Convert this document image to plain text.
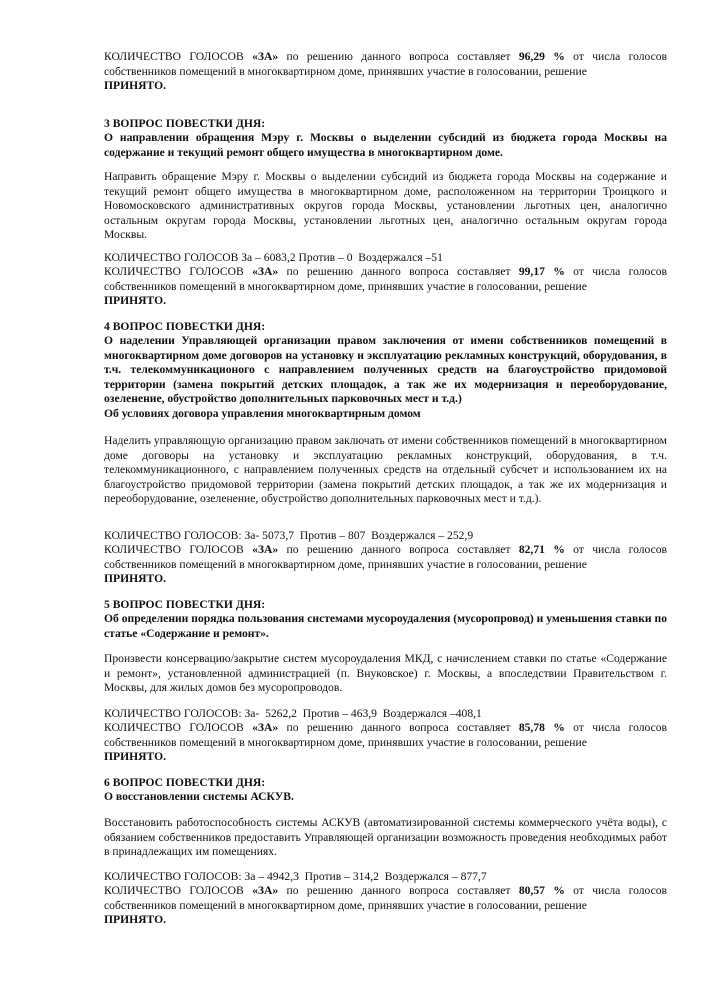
КОЛИЧЕСТВО ГОЛОСОВ «ЗА» по решению данного вопроса составляет 96,29 % от числа голосов собственников помещений в многоквартирном доме, принявших участие в голосовании, решение

ПРИНЯТО.

3 ВОПРОС ПОВЕСТКИ ДНЯ:

О направлении обращения Мэру г. Москвы о выделении субсидий из бюджета города Москвы на содержание и текущий ремонт общего имущества в многоквартирном доме.

Направить обращение Мэру г. Москвы о выделении субсидий из бюджета города Москвы на содержание и текущий ремонт общего имущества в многоквартирном доме, расположенном на территории Троицкого и Новомосковского административных округов города Москвы, установлении льготных цен, аналогично остальным округам города Москвы, установлении льготных цен, аналогично остальным округам города Москвы.

КОЛИЧЕСТВО ГОЛОСОВ За – 6083,2 Против – 0  Воздержался –51

КОЛИЧЕСТВО ГОЛОСОВ «ЗА» по решению данного вопроса составляет 99,17 % от числа голосов собственников помещений в многоквартирном доме, принявших участие в голосовании, решение

ПРИНЯТО.

4 ВОПРОС ПОВЕСТКИ ДНЯ:

О наделении Управляющей организации правом заключения от имени собственников помещений в многоквартирном доме договоров на установку и эксплуатацию рекламных конструкций, оборудования, в т.ч. телекоммуникационого с направлением полученных средств на благоустройство придомовой территории (замена покрытий детских площадок, а так же их модернизация и переоборудование, озеленение, обустройство дополнительных парковочных мест и т.д.)

Об условиях договора управления многоквартирным домом

Наделить управляющую организацию правом заключать от имени собственников помещений в многоквартирном доме договоры на установку и эксплуатацию рекламных конструкций, оборудования, в т.ч. телекоммуникационного, с направлением полученных средств на отдельный субсчет и использованием их на благоустройство придомовой территории (замена покрытий детских площадок, а так же их модернизация и переоборудование, озеленение, обустройство дополнительных парковочных мест и т.д.).

КОЛИЧЕСТВО ГОЛОСОВ: За- 5073,7  Против – 807  Воздержался – 252,9

КОЛИЧЕСТВО ГОЛОСОВ «ЗА» по решению данного вопроса составляет 82,71 % от числа голосов собственников помещений в многоквартирном доме, принявших участие в голосовании, решение

ПРИНЯТО.

5 ВОПРОС ПОВЕСТКИ ДНЯ:

Об определении порядка пользования системами мусороудаления (мусоропровод) и уменьшения ставки по статье «Содержание и ремонт».

Произвести консервацию/закрытие систем мусороудаления МКД, с начислением ставки по статье «Содержание и ремонт», установленной администрацией (п. Внуковское) г. Москвы, а впоследствии Правительством г. Москвы, для жилых домов без мусоропроводов.

КОЛИЧЕСТВО ГОЛОСОВ: За-  5262,2  Против – 463,9  Воздержался –408,1

КОЛИЧЕСТВО ГОЛОСОВ «ЗА» по решению данного вопроса составляет 85,78 % от числа голосов собственников помещений в многоквартирном доме, принявших участие в голосовании, решение

ПРИНЯТО.

6 ВОПРОС ПОВЕСТКИ ДНЯ:

О восстановлении системы АСКУВ.

Восстановить работоспособность системы АСКУВ (автоматизированной системы коммерческого учёта воды), с обязанием собственников предоставить Управляющей организации возможность проведения необходимых работ в принадлежащих им помещениях.

КОЛИЧЕСТВО ГОЛОСОВ: За – 4942,3  Против – 314,2  Воздержался – 877,7

КОЛИЧЕСТВО ГОЛОСОВ «ЗА» по решению данного вопроса составляет 80,57 % от числа голосов собственников помещений в многоквартирном доме, принявших участие в голосовании, решение

ПРИНЯТО.
